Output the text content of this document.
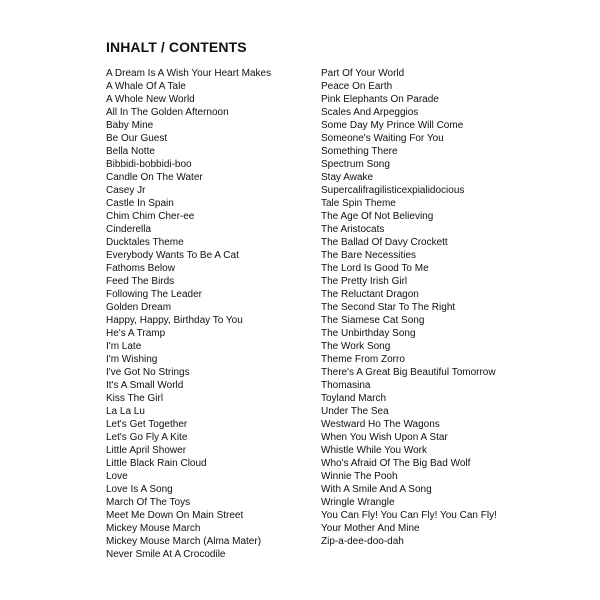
INHALT / CONTENTS
A Dream Is A Wish Your Heart Makes
A Whale Of A Tale
A Whole New World
All In The Golden Afternoon
Baby Mine
Be Our Guest
Bella Notte
Bibbidi-bobbidi-boo
Candle On The Water
Casey Jr
Castle In Spain
Chim Chim Cher-ee
Cinderella
Ducktales Theme
Everybody Wants To Be A Cat
Fathoms Below
Feed The Birds
Following The Leader
Golden Dream
Happy, Happy, Birthday To You
He's A Tramp
I'm Late
I'm Wishing
I've Got No Strings
It's A Small World
Kiss The Girl
La La Lu
Let's Get Together
Let's Go Fly A Kite
Little April Shower
Little Black Rain Cloud
Love
Love Is A Song
March Of The Toys
Meet Me Down On Main Street
Mickey Mouse March
Mickey Mouse March (Alma Mater)
Never Smile At A Crocodile
Part Of Your World
Peace On Earth
Pink Elephants On Parade
Scales And Arpeggios
Some Day My Prince Will Come
Someone's Waiting For You
Something There
Spectrum Song
Stay Awake
Supercalifragilisticexpialidocious
Tale Spin Theme
The Age Of Not Believing
The Aristocats
The Ballad Of Davy Crockett
The Bare Necessities
The Lord Is Good To Me
The Pretty Irish Girl
The Reluctant Dragon
The Second Star To The Right
The Siamese Cat Song
The Unbirthday Song
The Work Song
Theme From Zorro
There's A Great Big Beautiful Tomorrow
Thomasina
Toyland March
Under The Sea
Westward Ho The Wagons
When You Wish Upon A Star
Whistle While You Work
Who's Afraid Of The Big Bad Wolf
Winnie The Pooh
With A Smile And A Song
Wringle Wrangle
You Can Fly! You Can Fly! You Can Fly!
Your Mother And Mine
Zip-a-dee-doo-dah
